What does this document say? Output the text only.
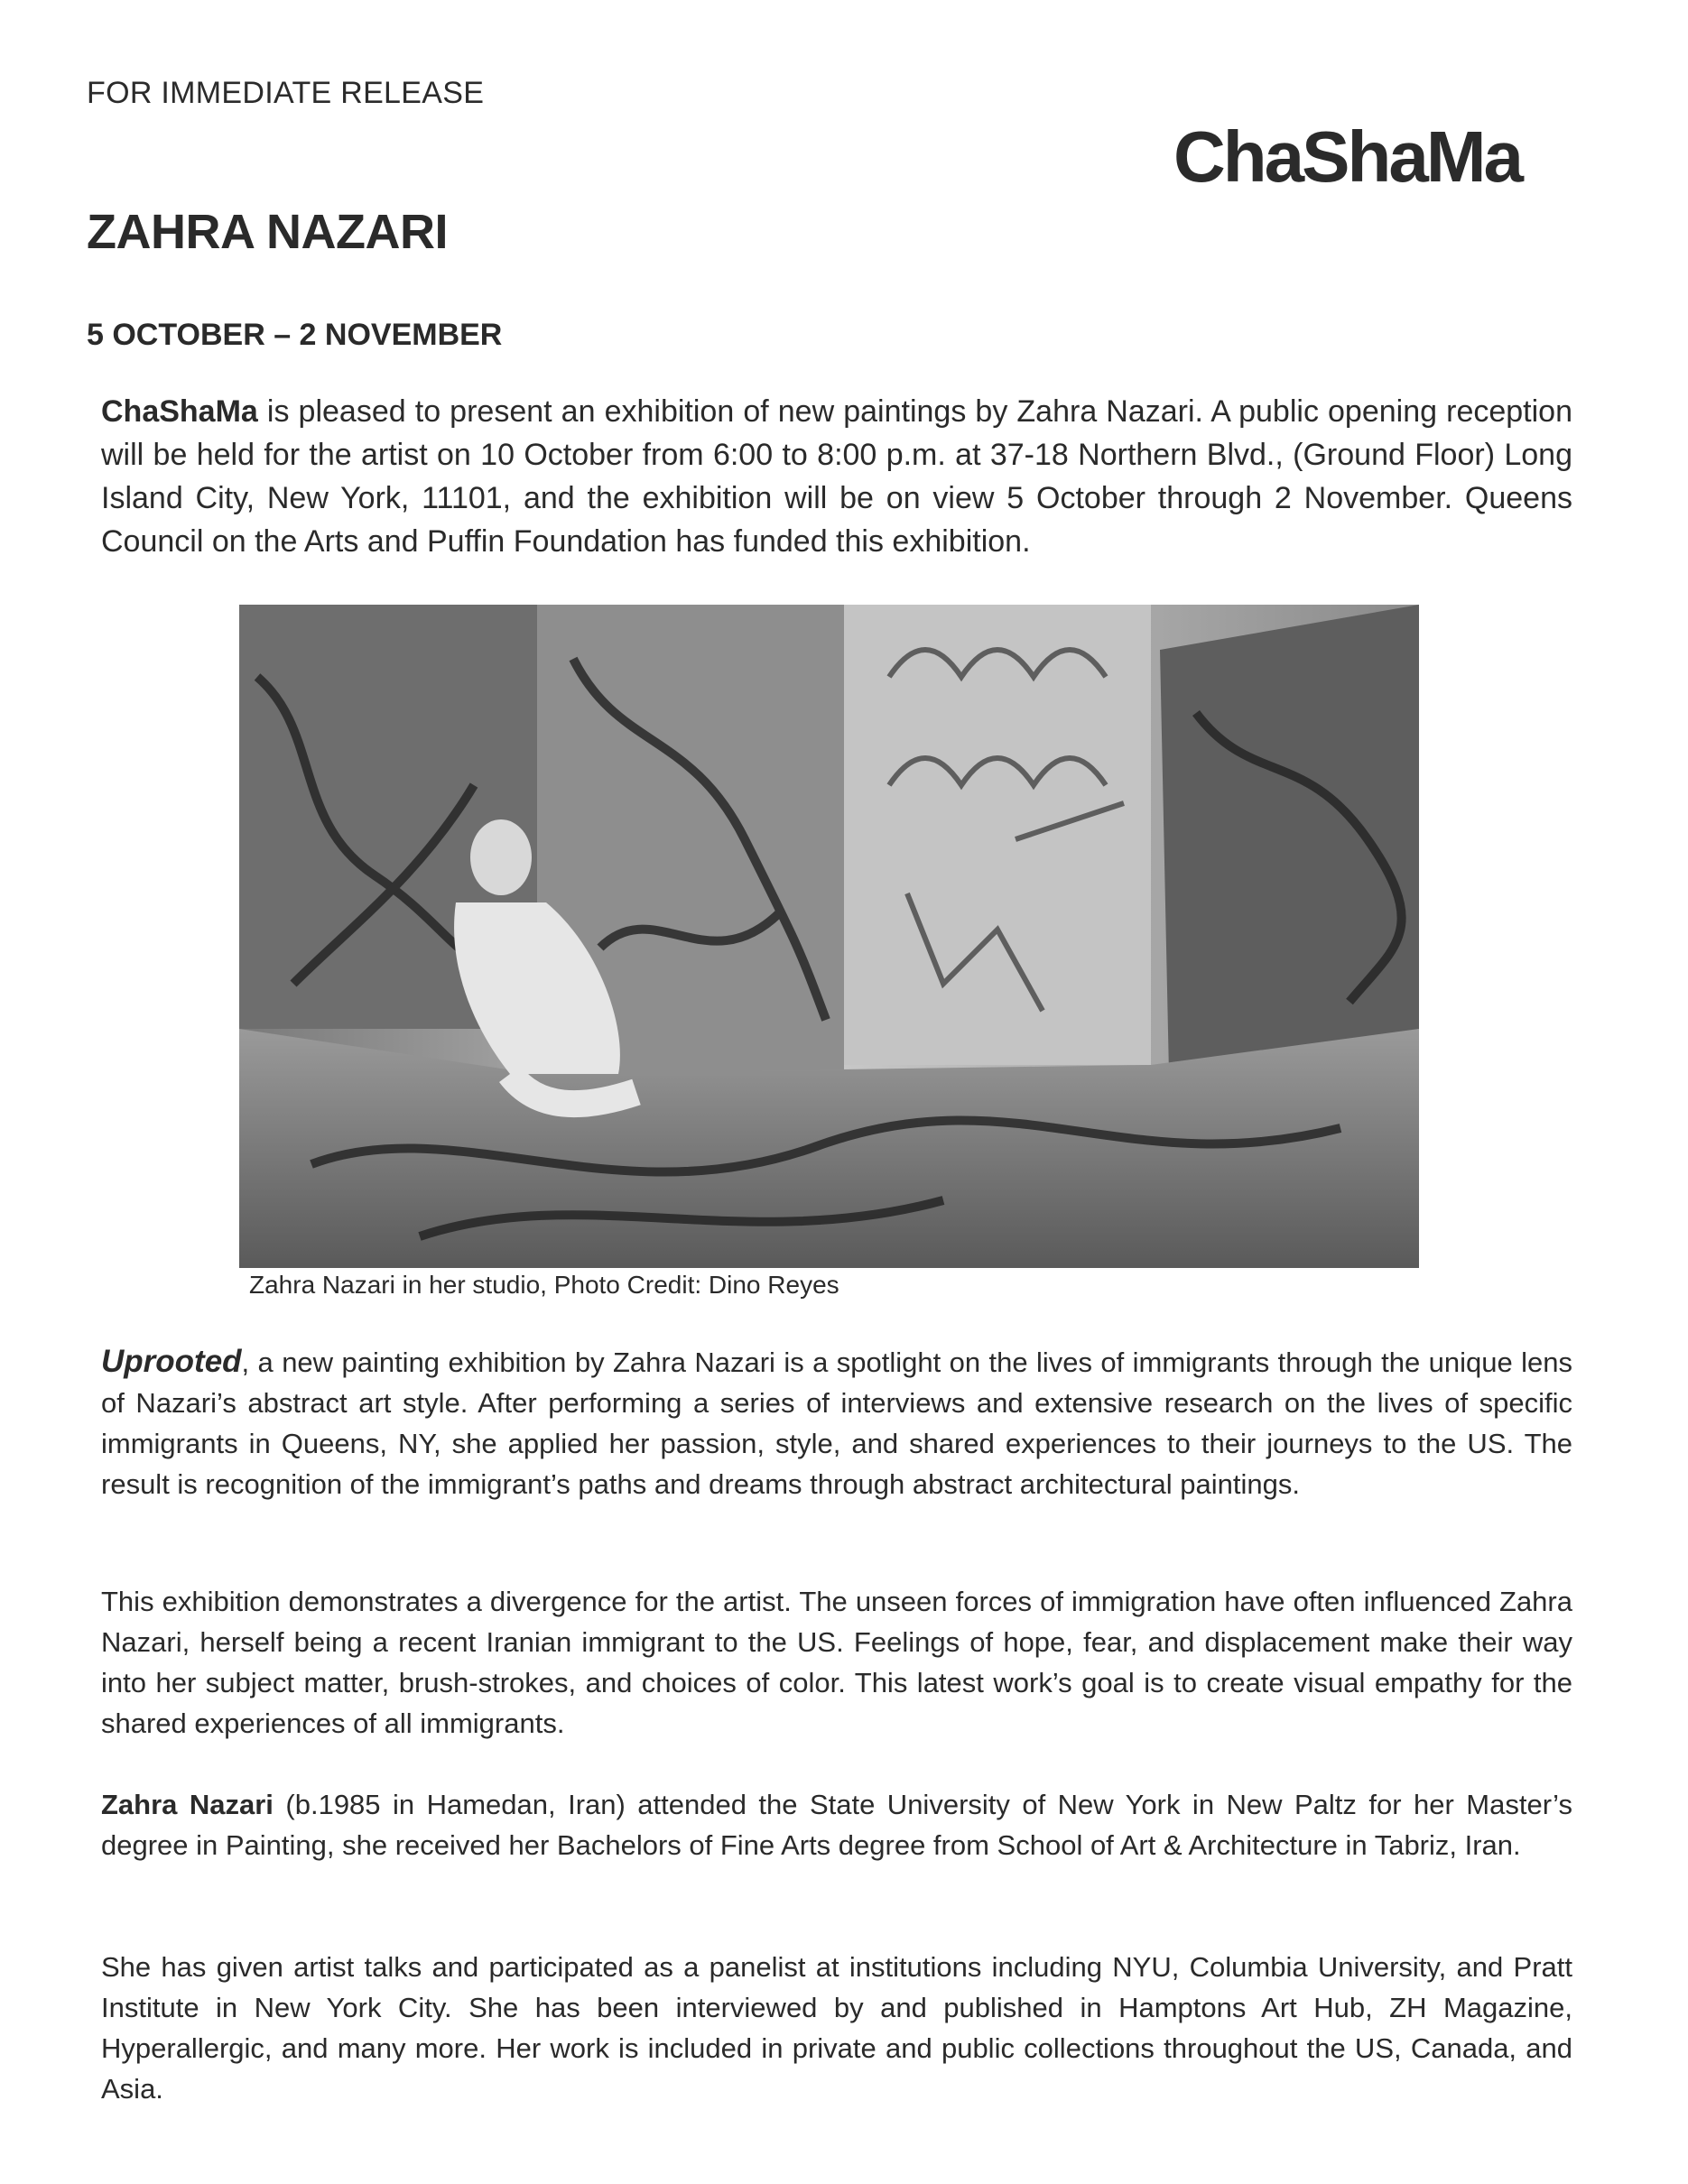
FOR IMMEDIATE RELEASE
ChaShaMa
ZAHRA NAZARI
5 OCTOBER – 2 NOVEMBER

ChaShaMa is pleased to present an exhibition of new paintings by Zahra Nazari. A public opening reception will be held for the artist on 10 October from 6:00 to 8:00 p.m. at 37-18 Northern Blvd., (Ground Floor) Long Island City, New York, 11101, and the exhibition will be on view 5 October through 2 November. Queens Council on the Arts and Puffin Foundation has funded this exhibition.

Zahra Nazari in her studio, Photo Credit: Dino Reyes

Uprooted, a new painting exhibition by Zahra Nazari is a spotlight on the lives of immigrants through the unique lens of Nazari’s abstract art style. After performing a series of interviews and extensive research on the lives of specific immigrants in Queens, NY, she applied her passion, style, and shared experiences to their journeys to the US. The result is recognition of the immigrant’s paths and dreams through abstract architectural paintings.

This exhibition demonstrates a divergence for the artist. The unseen forces of immigration have often influenced Zahra Nazari, herself being a recent Iranian immigrant to the US. Feelings of hope, fear, and displacement make their way into her subject matter, brush-strokes, and choices of color. This latest work’s goal is to create visual empathy for the shared experiences of all immigrants.

Zahra Nazari (b.1985 in Hamedan, Iran) attended the State University of New York in New Paltz for her Master’s degree in Painting, she received her Bachelors of Fine Arts degree from School of Art & Architecture in Tabriz, Iran.

She has given artist talks and participated as a panelist at institutions including NYU, Columbia University, and Pratt Institute in New York City. She has been interviewed by and published in Hamptons Art Hub, ZH Magazine, Hyperallergic, and many more. Her work is included in private and public collections throughout the US, Canada, and Asia.
